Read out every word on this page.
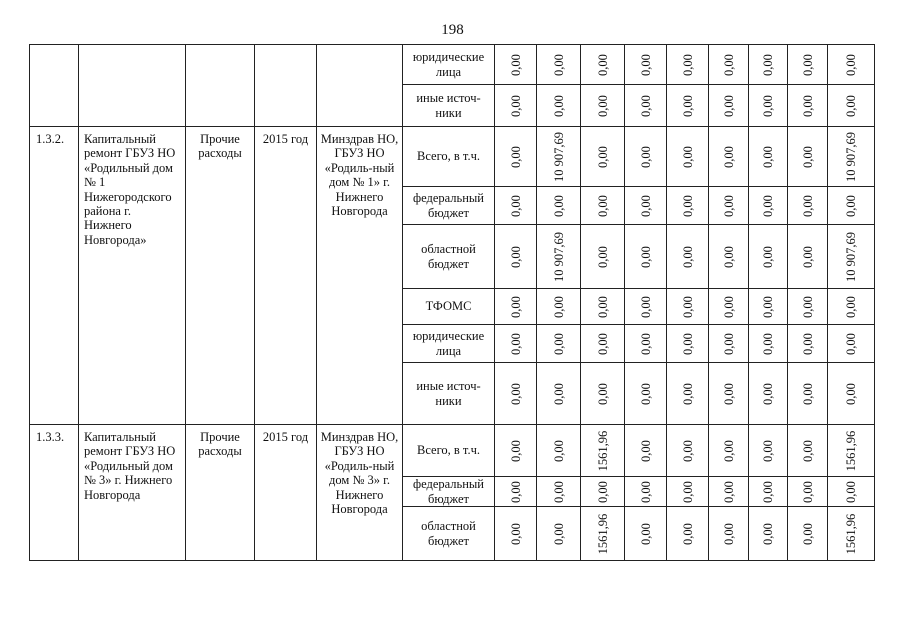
198
					юридические лица	0,00	0,00	0,00	0,00	0,00	0,00	0,00	0,00	0,00

					иные источ-ники	0,00	0,00	0,00	0,00	0,00	0,00	0,00	0,00	0,00

1.3.2.	Капитальный ремонт ГБУЗ НО «Родильный дом № 1 Нижегородского района г. Нижнего Новгорода»	Прочие расходы	2015 год	Минздрав НО, ГБУЗ НО «Родиль-ный дом № 1» г. Нижнего Новгорода	Всего, в т.ч.	0,00	10 907,69	0,00	0,00	0,00	0,00	0,00	0,00	10 907,69

					федеральный бюджет	0,00	0,00	0,00	0,00	0,00	0,00	0,00	0,00	0,00

					областной бюджет	0,00	10 907,69	0,00	0,00	0,00	0,00	0,00	0,00	10 907,69

					ТФОМС	0,00	0,00	0,00	0,00	0,00	0,00	0,00	0,00	0,00

					юридические лица	0,00	0,00	0,00	0,00	0,00	0,00	0,00	0,00	0,00

					иные источ-ники	0,00	0,00	0,00	0,00	0,00	0,00	0,00	0,00	0,00

1.3.3.	Капитальный ремонт ГБУЗ НО «Родильный дом № 3» г. Нижнего Новгорода	Прочие расходы	2015 год	Минздрав НО, ГБУЗ НО «Родиль-ный дом № 3» г. Нижнего Новгорода	Всего, в т.ч.	0,00	0,00	1561,96	0,00	0,00	0,00	0,00	0,00	1561,96

					федеральный бюджет	0,00	0,00	0,00	0,00	0,00	0,00	0,00	0,00	0,00

					областной бюджет	0,00	0,00	1561,96	0,00	0,00	0,00	0,00	0,00	1561,96
